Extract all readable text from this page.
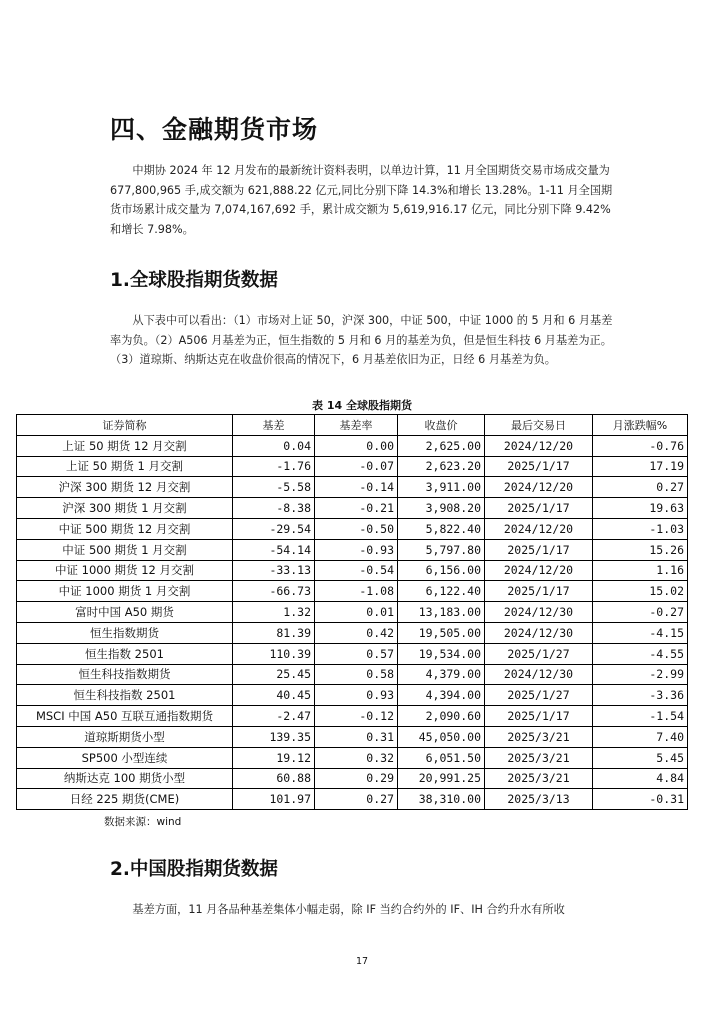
四、金融期货市场

中期协 2024 年 12 月发布的最新统计资料表明，以单边计算，11 月全国期货交易市场成交量为 677,800,965 手,成交额为 621,888.22 亿元,同比分别下降 14.3%和增长 13.28%。1-11 月全国期货市场累计成交量为 7,074,167,692 手，累计成交额为 5,619,916.17 亿元，同比分别下降 9.42%和增长 7.98%。

1.全球股指期货数据

从下表中可以看出：（1）市场对上证 50，沪深 300，中证 500，中证 1000 的 5 月和 6 月基差率为负。（2）A506 月基差为正，恒生指数的 5 月和 6 月的基差为负，但是恒生科技 6 月基差为正。（3）道琼斯、纳斯达克在收盘价很高的情况下，6 月基差依旧为正，日经 6 月基差为负。

表 14 全球股指期货
证券简称	基差	基差率	收盘价	最后交易日	月涨跌幅%
上证 50 期货 12 月交割	0.04	0.00	2,625.00	2024/12/20	-0.76
上证 50 期货 1 月交割	-1.76	-0.07	2,623.20	2025/1/17	17.19
沪深 300 期货 12 月交割	-5.58	-0.14	3,911.00	2024/12/20	0.27
沪深 300 期货 1 月交割	-8.38	-0.21	3,908.20	2025/1/17	19.63
中证 500 期货 12 月交割	-29.54	-0.50	5,822.40	2024/12/20	-1.03
中证 500 期货 1 月交割	-54.14	-0.93	5,797.80	2025/1/17	15.26
中证 1000 期货 12 月交割	-33.13	-0.54	6,156.00	2024/12/20	1.16
中证 1000 期货 1 月交割	-66.73	-1.08	6,122.40	2025/1/17	15.02
富时中国 A50 期货	1.32	0.01	13,183.00	2024/12/30	-0.27
恒生指数期货	81.39	0.42	19,505.00	2024/12/30	-4.15
恒生指数 2501	110.39	0.57	19,534.00	2025/1/27	-4.55
恒生科技指数期货	25.45	0.58	4,379.00	2024/12/30	-2.99
恒生科技指数 2501	40.45	0.93	4,394.00	2025/1/27	-3.36
MSCI 中国 A50 互联互通指数期货	-2.47	-0.12	2,090.60	2025/1/17	-1.54
道琼斯期货小型	139.35	0.31	45,050.00	2025/3/21	7.40
SP500 小型连续	19.12	0.32	6,051.50	2025/3/21	5.45
纳斯达克 100 期货小型	60.88	0.29	20,991.25	2025/3/21	4.84
日经 225 期货(CME)	101.97	0.27	38,310.00	2025/3/13	-0.31
数据来源：wind
2.中国股指期货数据

基差方面，11 月各品种基差集体小幅走弱，除 IF 当约合约外的 IF、IH 合约升水有所收

17
